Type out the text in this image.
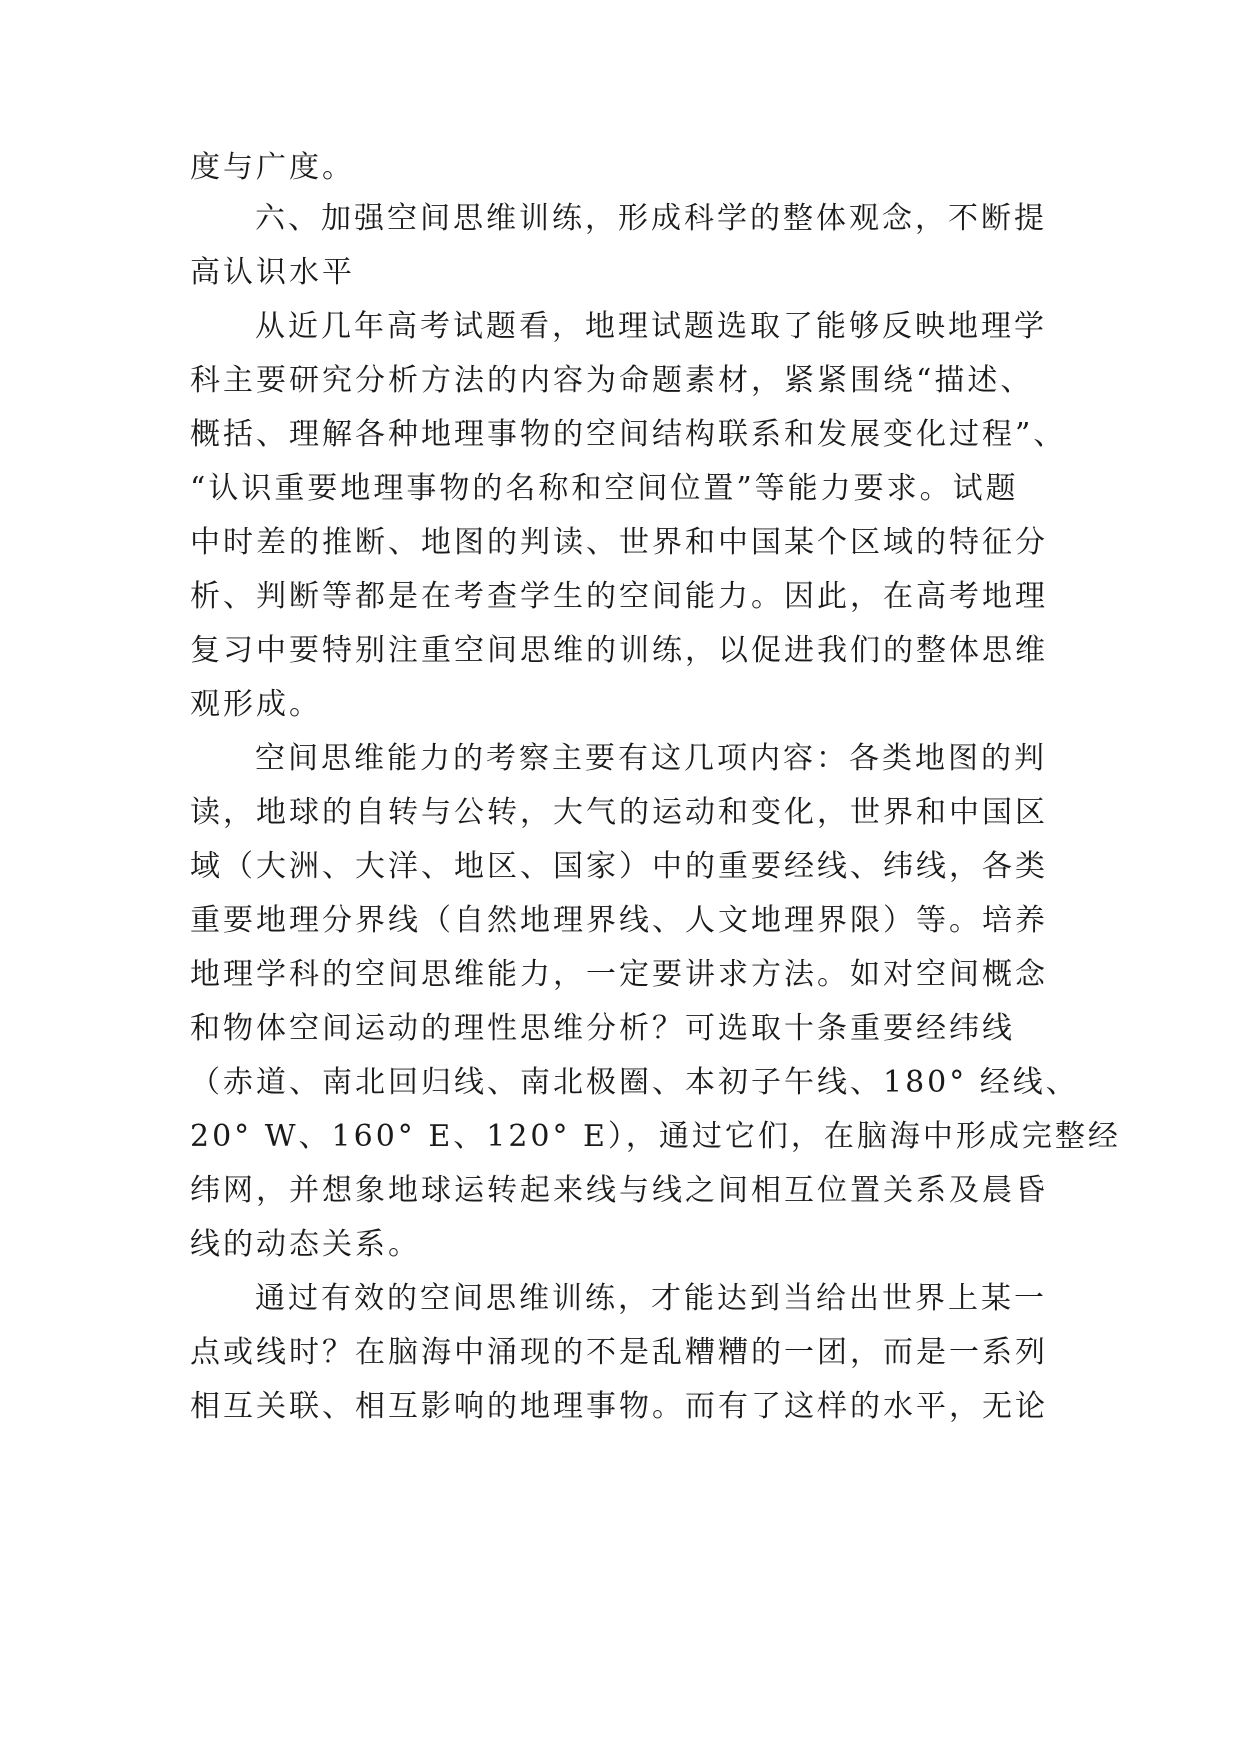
度与广度。

六、加强空间思维训练，形成科学的整体观念，不断提

高认识水平

从近几年高考试题看，地理试题选取了能够反映地理学

科主要研究分析方法的内容为命题素材，紧紧围绕“描述、

概括、理解各种地理事物的空间结构联系和发展变化过程”、

“认识重要地理事物的名称和空间位置”等能力要求。试题

中时差的推断、地图的判读、世界和中国某个区域的特征分

析、判断等都是在考查学生的空间能力。因此，在高考地理

复习中要特别注重空间思维的训练，以促进我们的整体思维

观形成。

空间思维能力的考察主要有这几项内容：各类地图的判

读，地球的自转与公转，大气的运动和变化，世界和中国区

域（大洲、大洋、地区、国家）中的重要经线、纬线，各类

重要地理分界线（自然地理界线、人文地理界限）等。培养

地理学科的空间思维能力，一定要讲求方法。如对空间概念

和物体空间运动的理性思维分析？可选取十条重要经纬线

（赤道、南北回归线、南北极圈、本初子午线、180° 经线、

20° W、160° E、120° E），通过它们，在脑海中形成完整经

纬网，并想象地球运转起来线与线之间相互位置关系及晨昏

线的动态关系。

通过有效的空间思维训练，才能达到当给出世界上某一

点或线时？在脑海中涌现的不是乱糟糟的一团，而是一系列

相互关联、相互影响的地理事物。而有了这样的水平，无论
